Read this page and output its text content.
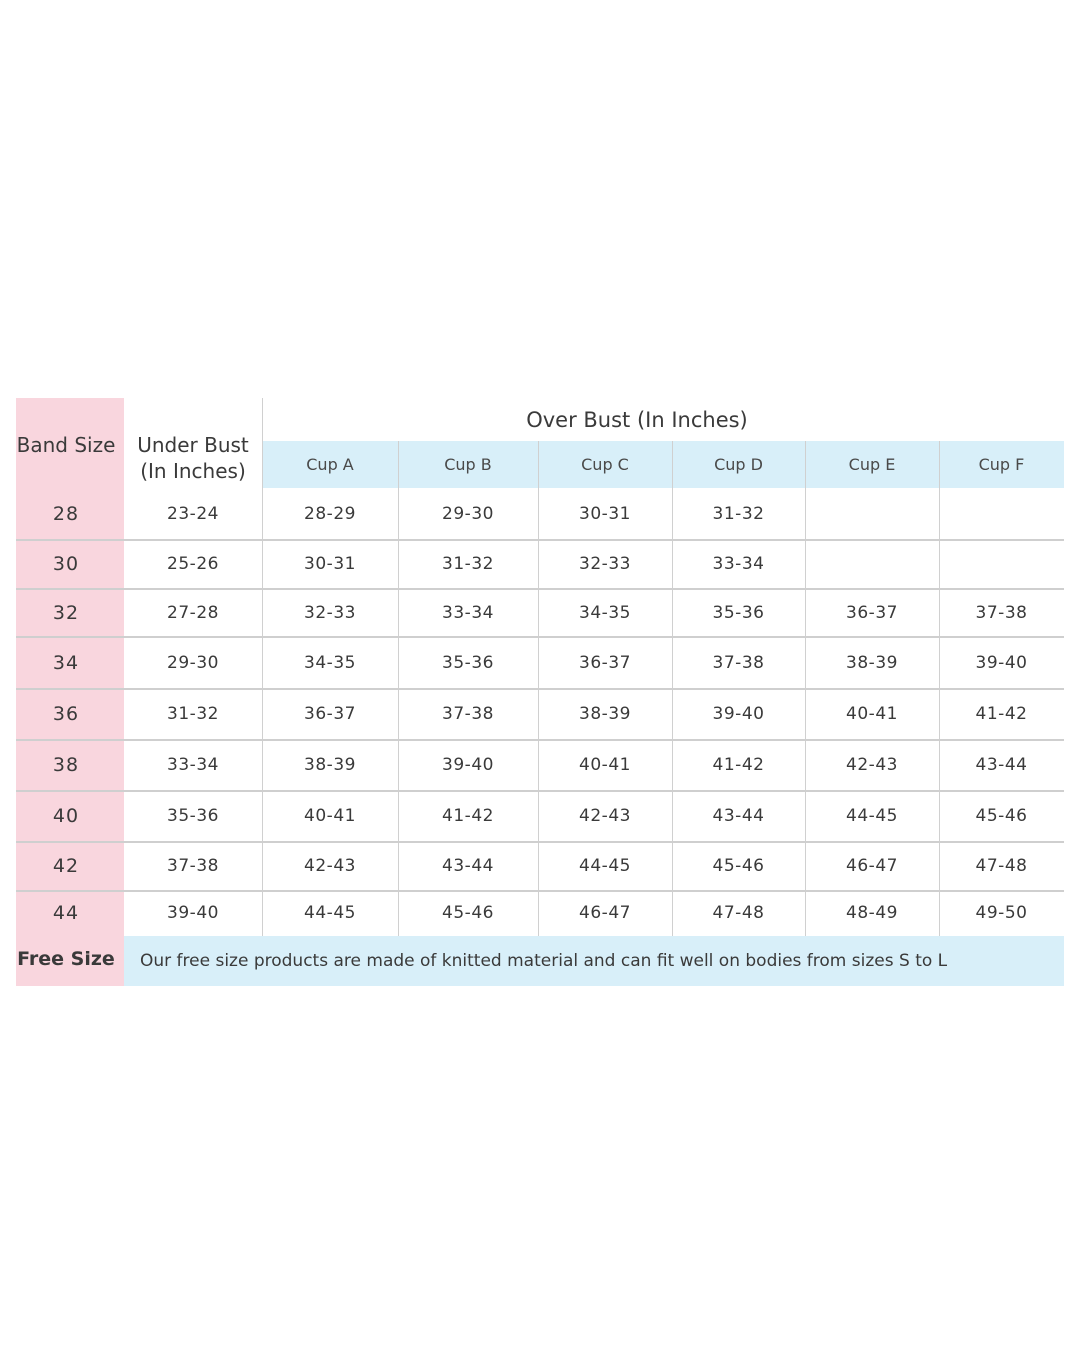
Band Size	Under Bust
(In Inches)
Over Bust (In Inches)
Cup A	Cup B	Cup C	Cup D	Cup E	Cup F
28	23-24	28-29	29-30	30-31	31-32
30	25-26	30-31	31-32	32-33	33-34
32	27-28	32-33	33-34	34-35	35-36	36-37	37-38
34	29-30	34-35	35-36	36-37	37-38	38-39	39-40
36	31-32	36-37	37-38	38-39	39-40	40-41	41-42
38	33-34	38-39	39-40	40-41	41-42	42-43	43-44
40	35-36	40-41	41-42	42-43	43-44	44-45	45-46
42	37-38	42-43	43-44	44-45	45-46	46-47	47-48
44	39-40	44-45	45-46	46-47	47-48	48-49	49-50
Free Size Our free size products are made of knitted material and can fit well on bodies from sizes S to L
